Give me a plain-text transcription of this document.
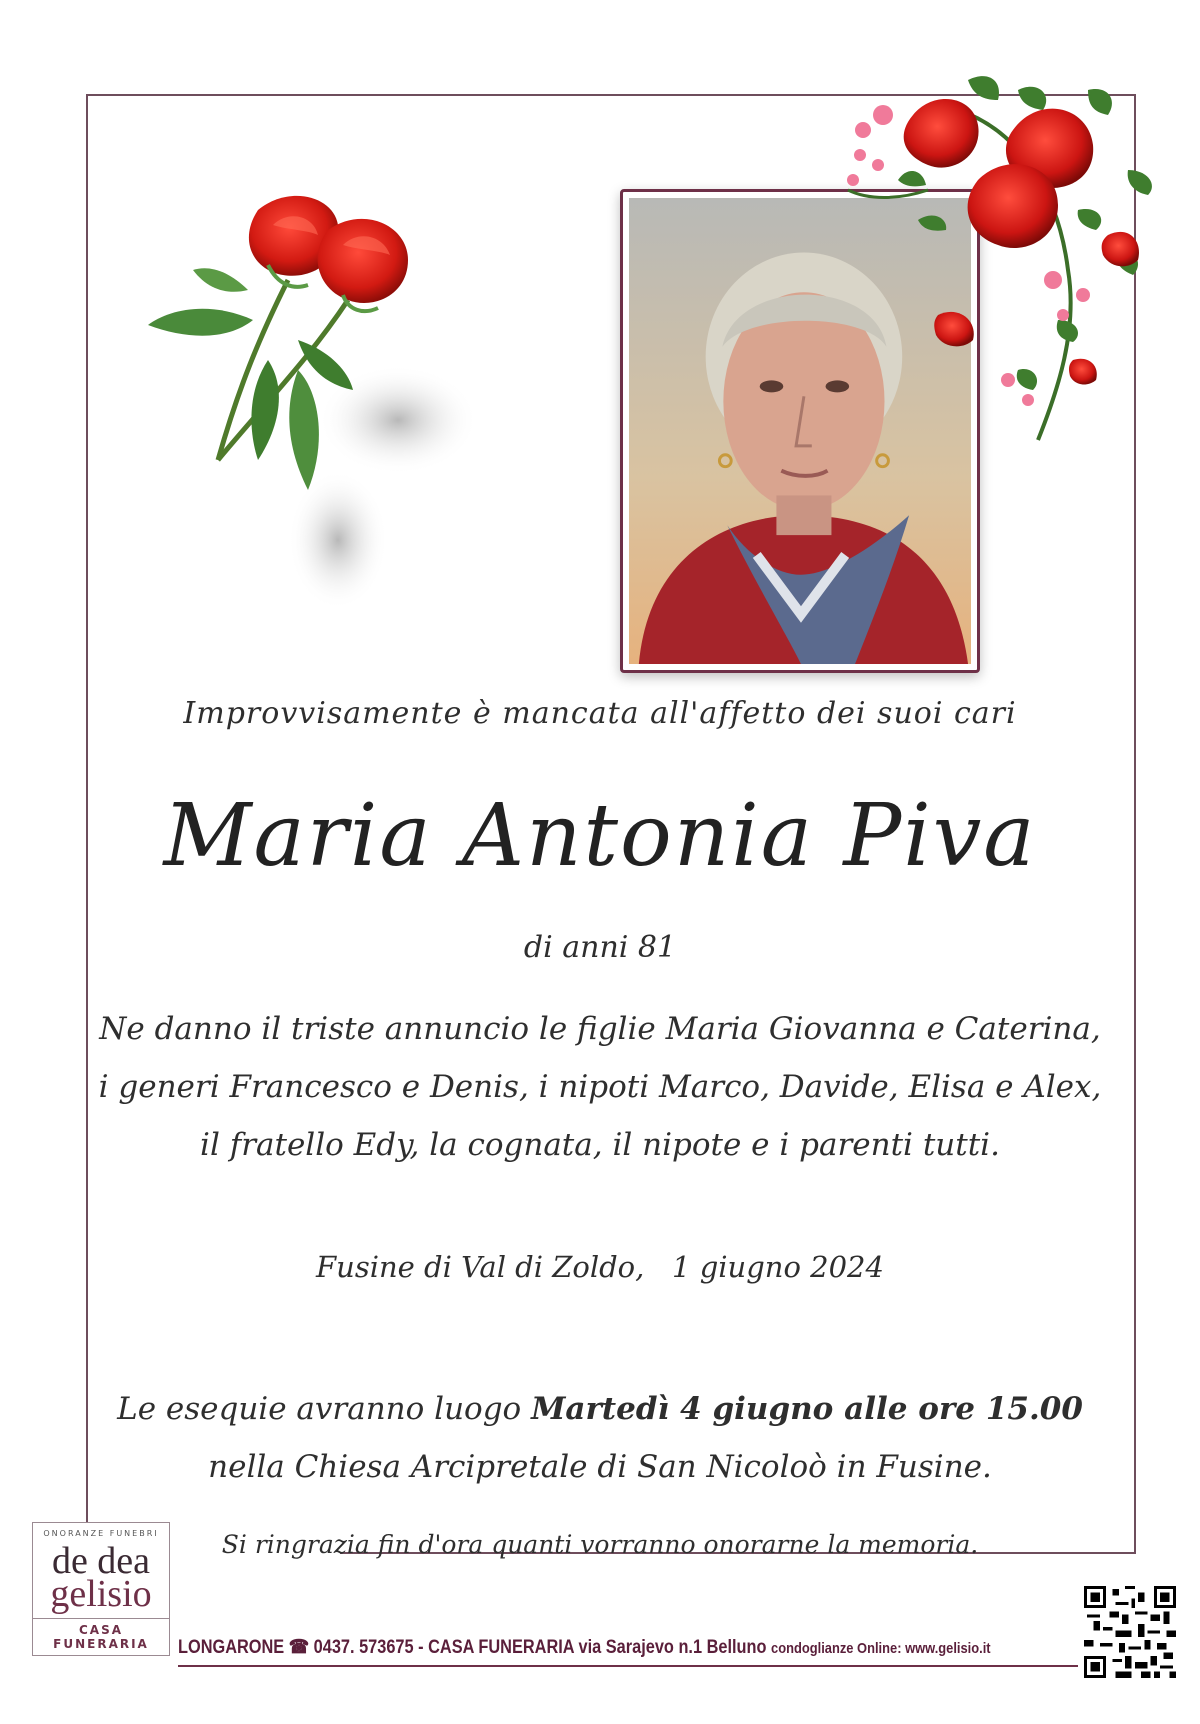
Improvvisamente è mancata all'affetto dei suoi cari
Maria Antonia Piva
di anni 81
Ne danno il triste annuncio le figlie Maria Giovanna e Caterina,
i generi Francesco e Denis, i nipoti Marco, Davide, Elisa e Alex,
il fratello Edy, la cognata, il nipote e i parenti tutti.
Fusine di Val di Zoldo,   1 giugno 2024
Le esequie avranno luogo Martedì 4 giugno alle ore 15.00
nella Chiesa Arcipretale di San Nicoloò in Fusine.
Si ringrazia fin d'ora quanti vorranno onorarne la memoria.
ONORANZE FUNEBRI
de dea
gelisio
CASA FUNERARIA	LONGARONE ☎ 0437. 573675 - CASA FUNERARIA via Sarajevo n.1 Belluno condoglianze Online: www.gelisio.it
